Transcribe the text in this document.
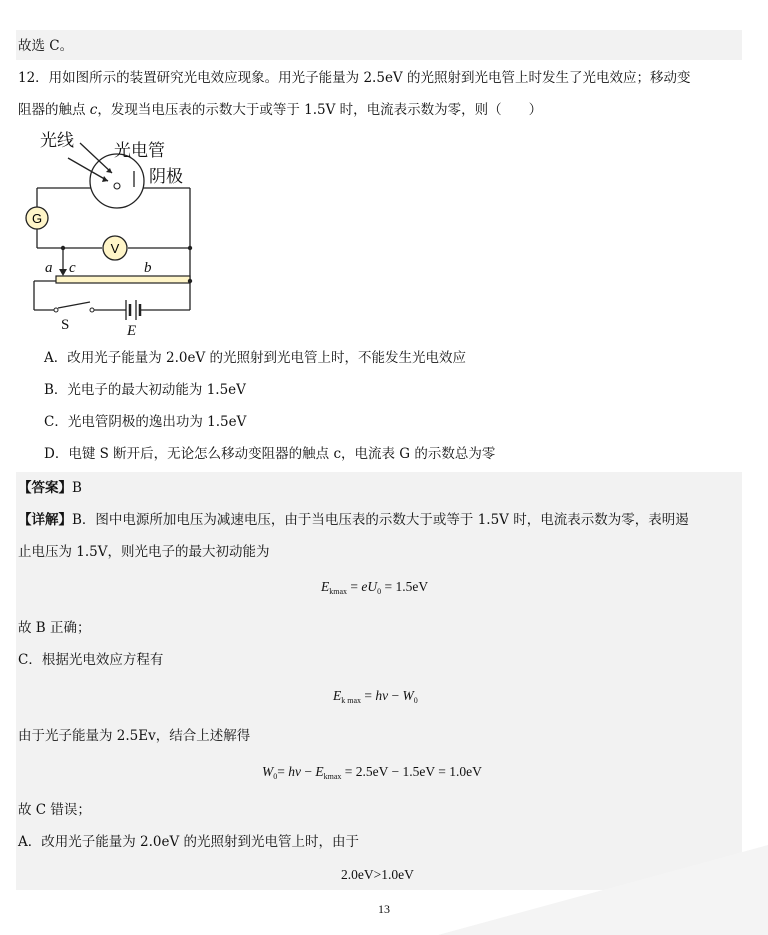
故选 C。
12．用如图所示的装置研究光电效应现象。用光子能量为 2.5eV 的光照射到光电管上时发生了光电效应；移动变
阻器的触点 c，发现当电压表的示数大于或等于 1.5V 时，电流表示数为零，则（　　）
G
V
光线 光电管
阴极
a c	b
E
S
A．改用光子能量为 2.0eV 的光照射到光电管上时，不能发生光电效应
B．光电子的最大初动能为 1.5eV
C．光电管阴极的逸出功为 1.5eV
D．电键 S 断开后，无论怎么移动变阻器的触点 c，电流表 G 的示数总为零
【答案】B
【详解】B．图中电源所加电压为减速电压，由于当电压表的示数大于或等于 1.5V 时，电流表示数为零，表明遏
止电压为 1.5V，则光电子的最大初动能为
$E_{kmax} = eU_0 = 1.5eV$
故 B 正确；
C．根据光电效应方程有
$E_{k max} = h\nu - W_0$
由于光子能量为 2.5Ev，结合上述解得
$W_0= h\nu - E_{kmax} = 2.5eV - 1.5eV = 1.0eV$
故 C 错误；
A．改用光子能量为 2.0eV 的光照射到光电管上时，由于
2.0eV>1.0eV
13
